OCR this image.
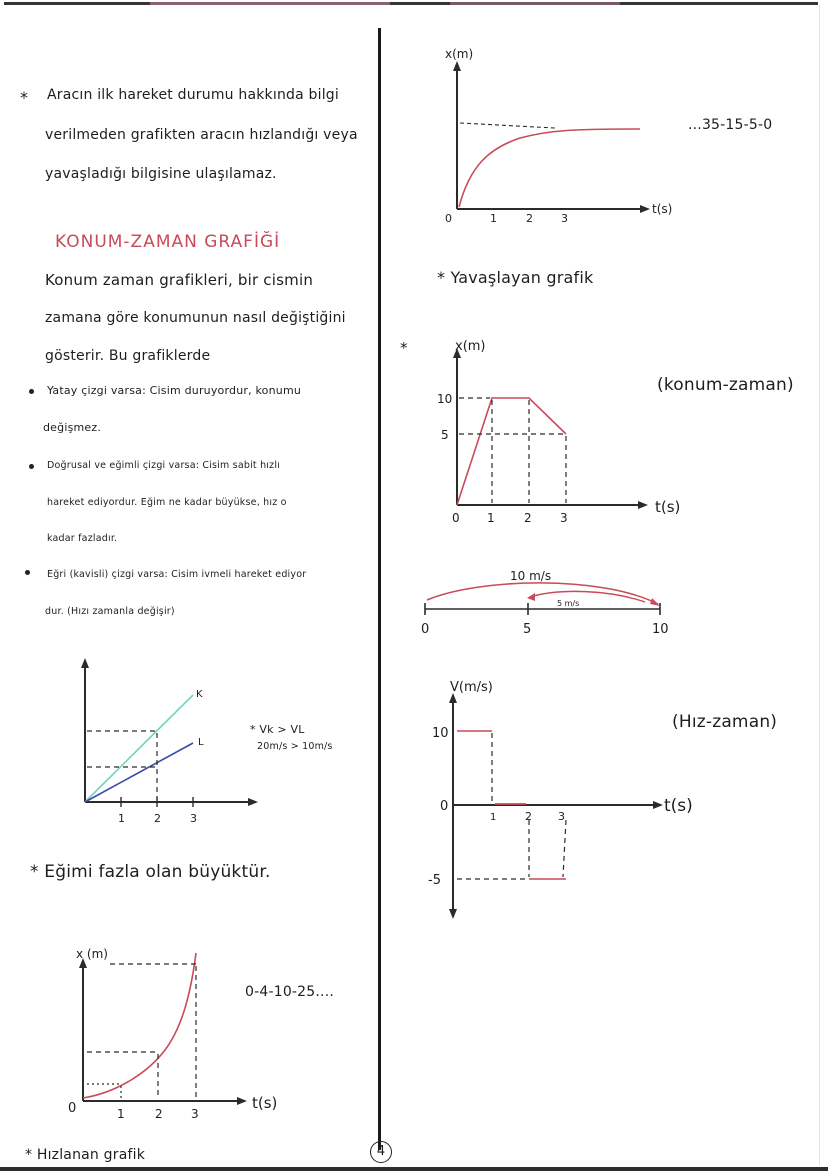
* Aracın ilk hareket durumu hakkında bilgi
verilmeden grafikten aracın hızlandığı veya
yavaşladığı bilgisine ulaşılamaz.
KONUM-ZAMAN GRAFİĞİ
Konum zaman grafikleri, bir cismin
zamana göre konumunun nasıl değiştiğini
gösterir. Bu grafiklerde
Yatay çizgi varsa: Cisim duruyordur, konumu
değişmez.
Doğrusal ve eğimli çizgi varsa: Cisim sabit hızlı
hareket ediyordur. Eğim ne kadar büyükse, hız o
kadar fazladır.
Eğri (kavisli) çizgi varsa: Cisim ivmeli hareket ediyor
dur. (Hızı zamanla değişir)
1	2	3
K
L
* Vk > VL
20m/s > 10m/s
* Eğimi fazla olan büyüktür.
x (m)
0	1	2 3
t(s)
0-4-10-25....
* Hızlanan grafik	4
x(m)
0	1	2	3
t(s)
...35-15-5-0
* Yavaşlayan grafik
*	x(m)
10
5
0 1 2 3
t(s)
(konum-zaman)
10 m/s
5 m/s
0	5	10
V(m/s)
10
0
-5
1	2 3
t(s)
(Hız-zaman)
